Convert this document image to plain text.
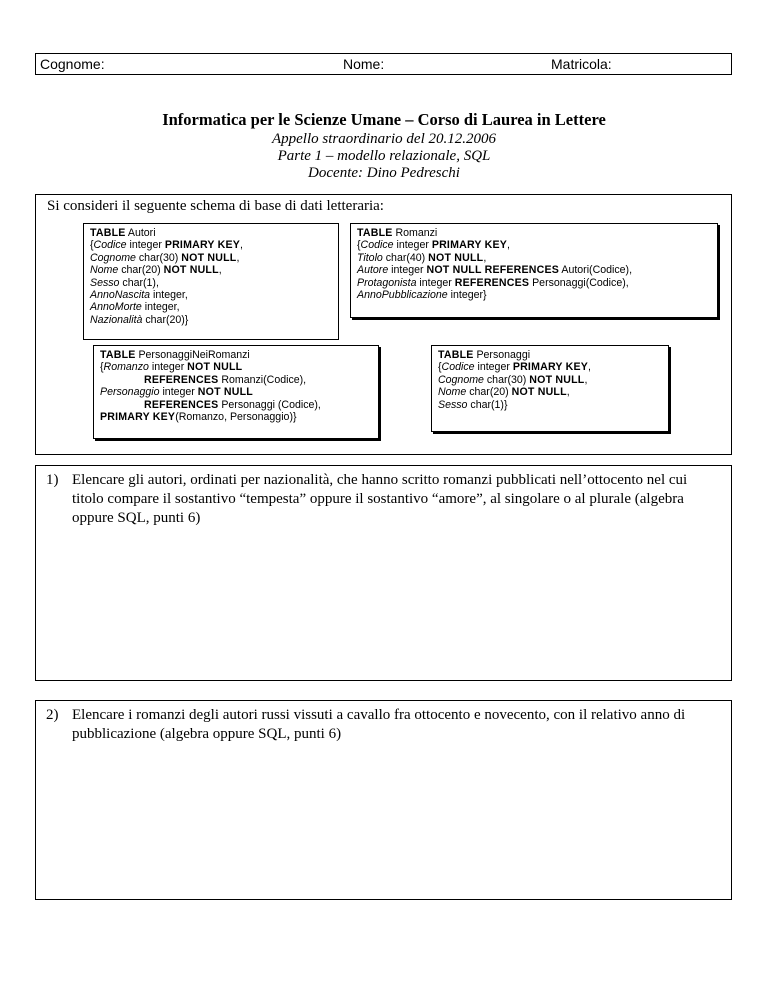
Cognome:	Nome:	Matricola:
Informatica per le Scienze Umane – Corso di Laurea in Lettere
Appello straordinario del 20.12.2006
Parte 1 – modello relazionale, SQL
Docente: Dino Pedreschi
Si consideri il seguente schema di base di dati letteraria:
TABLE Autori
{Codice integer PRIMARY KEY,
Cognome char(30) NOT NULL,
Nome char(20) NOT NULL,
Sesso char(1),
AnnoNascita integer,
AnnoMorte integer,
Nazionalità char(20)}
TABLE Romanzi
{Codice integer PRIMARY KEY,
Titolo char(40) NOT NULL,
Autore integer NOT NULL REFERENCES Autori(Codice),
Protagonista integer REFERENCES Personaggi(Codice),
AnnoPubblicazione integer}
TABLE PersonaggiNeiRomanzi
{Romanzo integer NOT NULL
REFERENCES Romanzi(Codice),
Personaggio integer NOT NULL
REFERENCES Personaggi (Codice),
PRIMARY KEY(Romanzo, Personaggio)}
TABLE Personaggi
{Codice integer PRIMARY KEY,
Cognome char(30) NOT NULL,
Nome char(20) NOT NULL,
Sesso char(1)}
1) Elencare gli autori, ordinati per nazionalità, che hanno scritto romanzi pubblicati nell’ottocento nel cui
titolo compare il sostantivo “tempesta” oppure il sostantivo “amore”, al singolare o al plurale (algebra
oppure SQL, punti 6)
2) Elencare i romanzi degli autori russi vissuti a cavallo fra ottocento e novecento, con il relativo anno di
pubblicazione (algebra oppure SQL, punti 6)
